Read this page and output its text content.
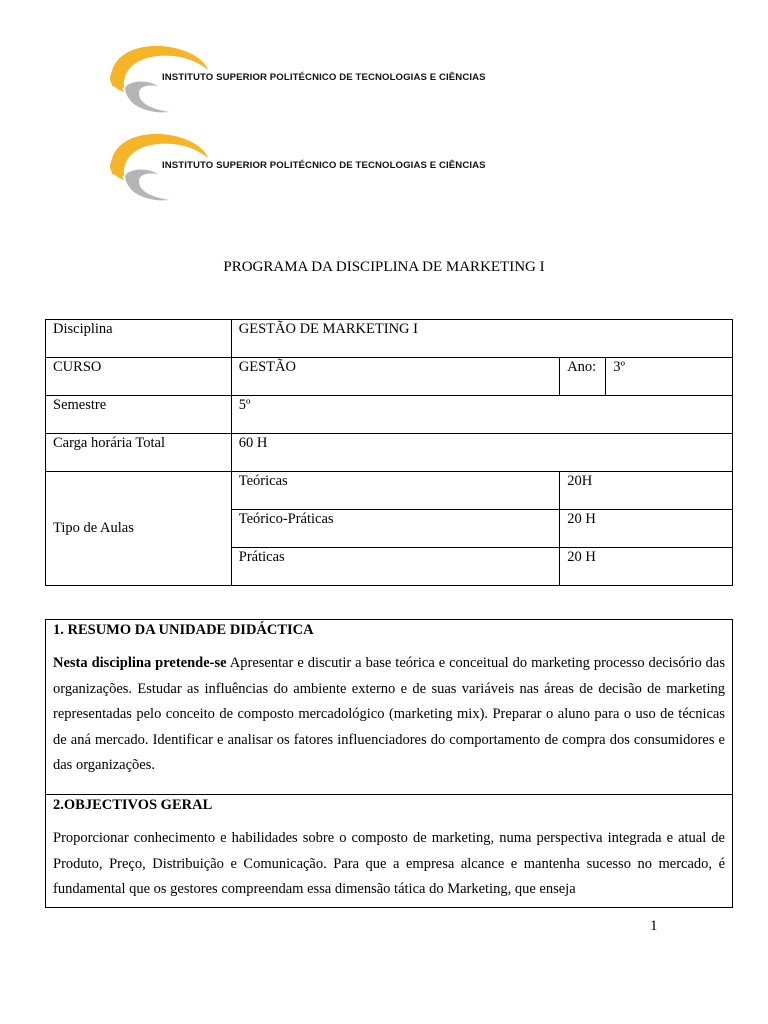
INSTITUTO SUPERIOR POLITÉCNICO DE TECNOLOGIAS E CIÊNCIAS
INSTITUTO SUPERIOR POLITÉCNICO DE TECNOLOGIAS E CIÊNCIAS
PROGRAMA DA DISCIPLINA DE MARKETING I
Disciplina	GESTÃO DE MARKETING I		
CURSO	GESTÃO	Ano:	3º
Semestre	5º		
Carga horária Total	60 H		
Tipo de Aulas	Teóricas	20H	
	Teórico-Práticas	20 H	
	Práticas	20 H	
1. RESUMO DA UNIDADE DIDÁCTICA
Nesta disciplina pretende-se Apresentar e discutir a base teórica e conceitual do marketing processo decisório das organizações. Estudar as influências do ambiente externo e de suas variáveis nas áreas de decisão de marketing representadas pelo conceito de composto mercadológico (marketing mix). Preparar o aluno para o uso de técnicas de aná mercado. Identificar e analisar os fatores influenciadores do comportamento de compra dos consumidores e das organizações.
2.OBJECTIVOS GERAL
Proporcionar conhecimento e habilidades sobre o composto de marketing, numa perspectiva integrada e atual de Produto, Preço, Distribuição e Comunicação. Para que a empresa alcance e mantenha sucesso no mercado, é fundamental que os gestores compreendam essa dimensão tática do Marketing, que enseja
1
